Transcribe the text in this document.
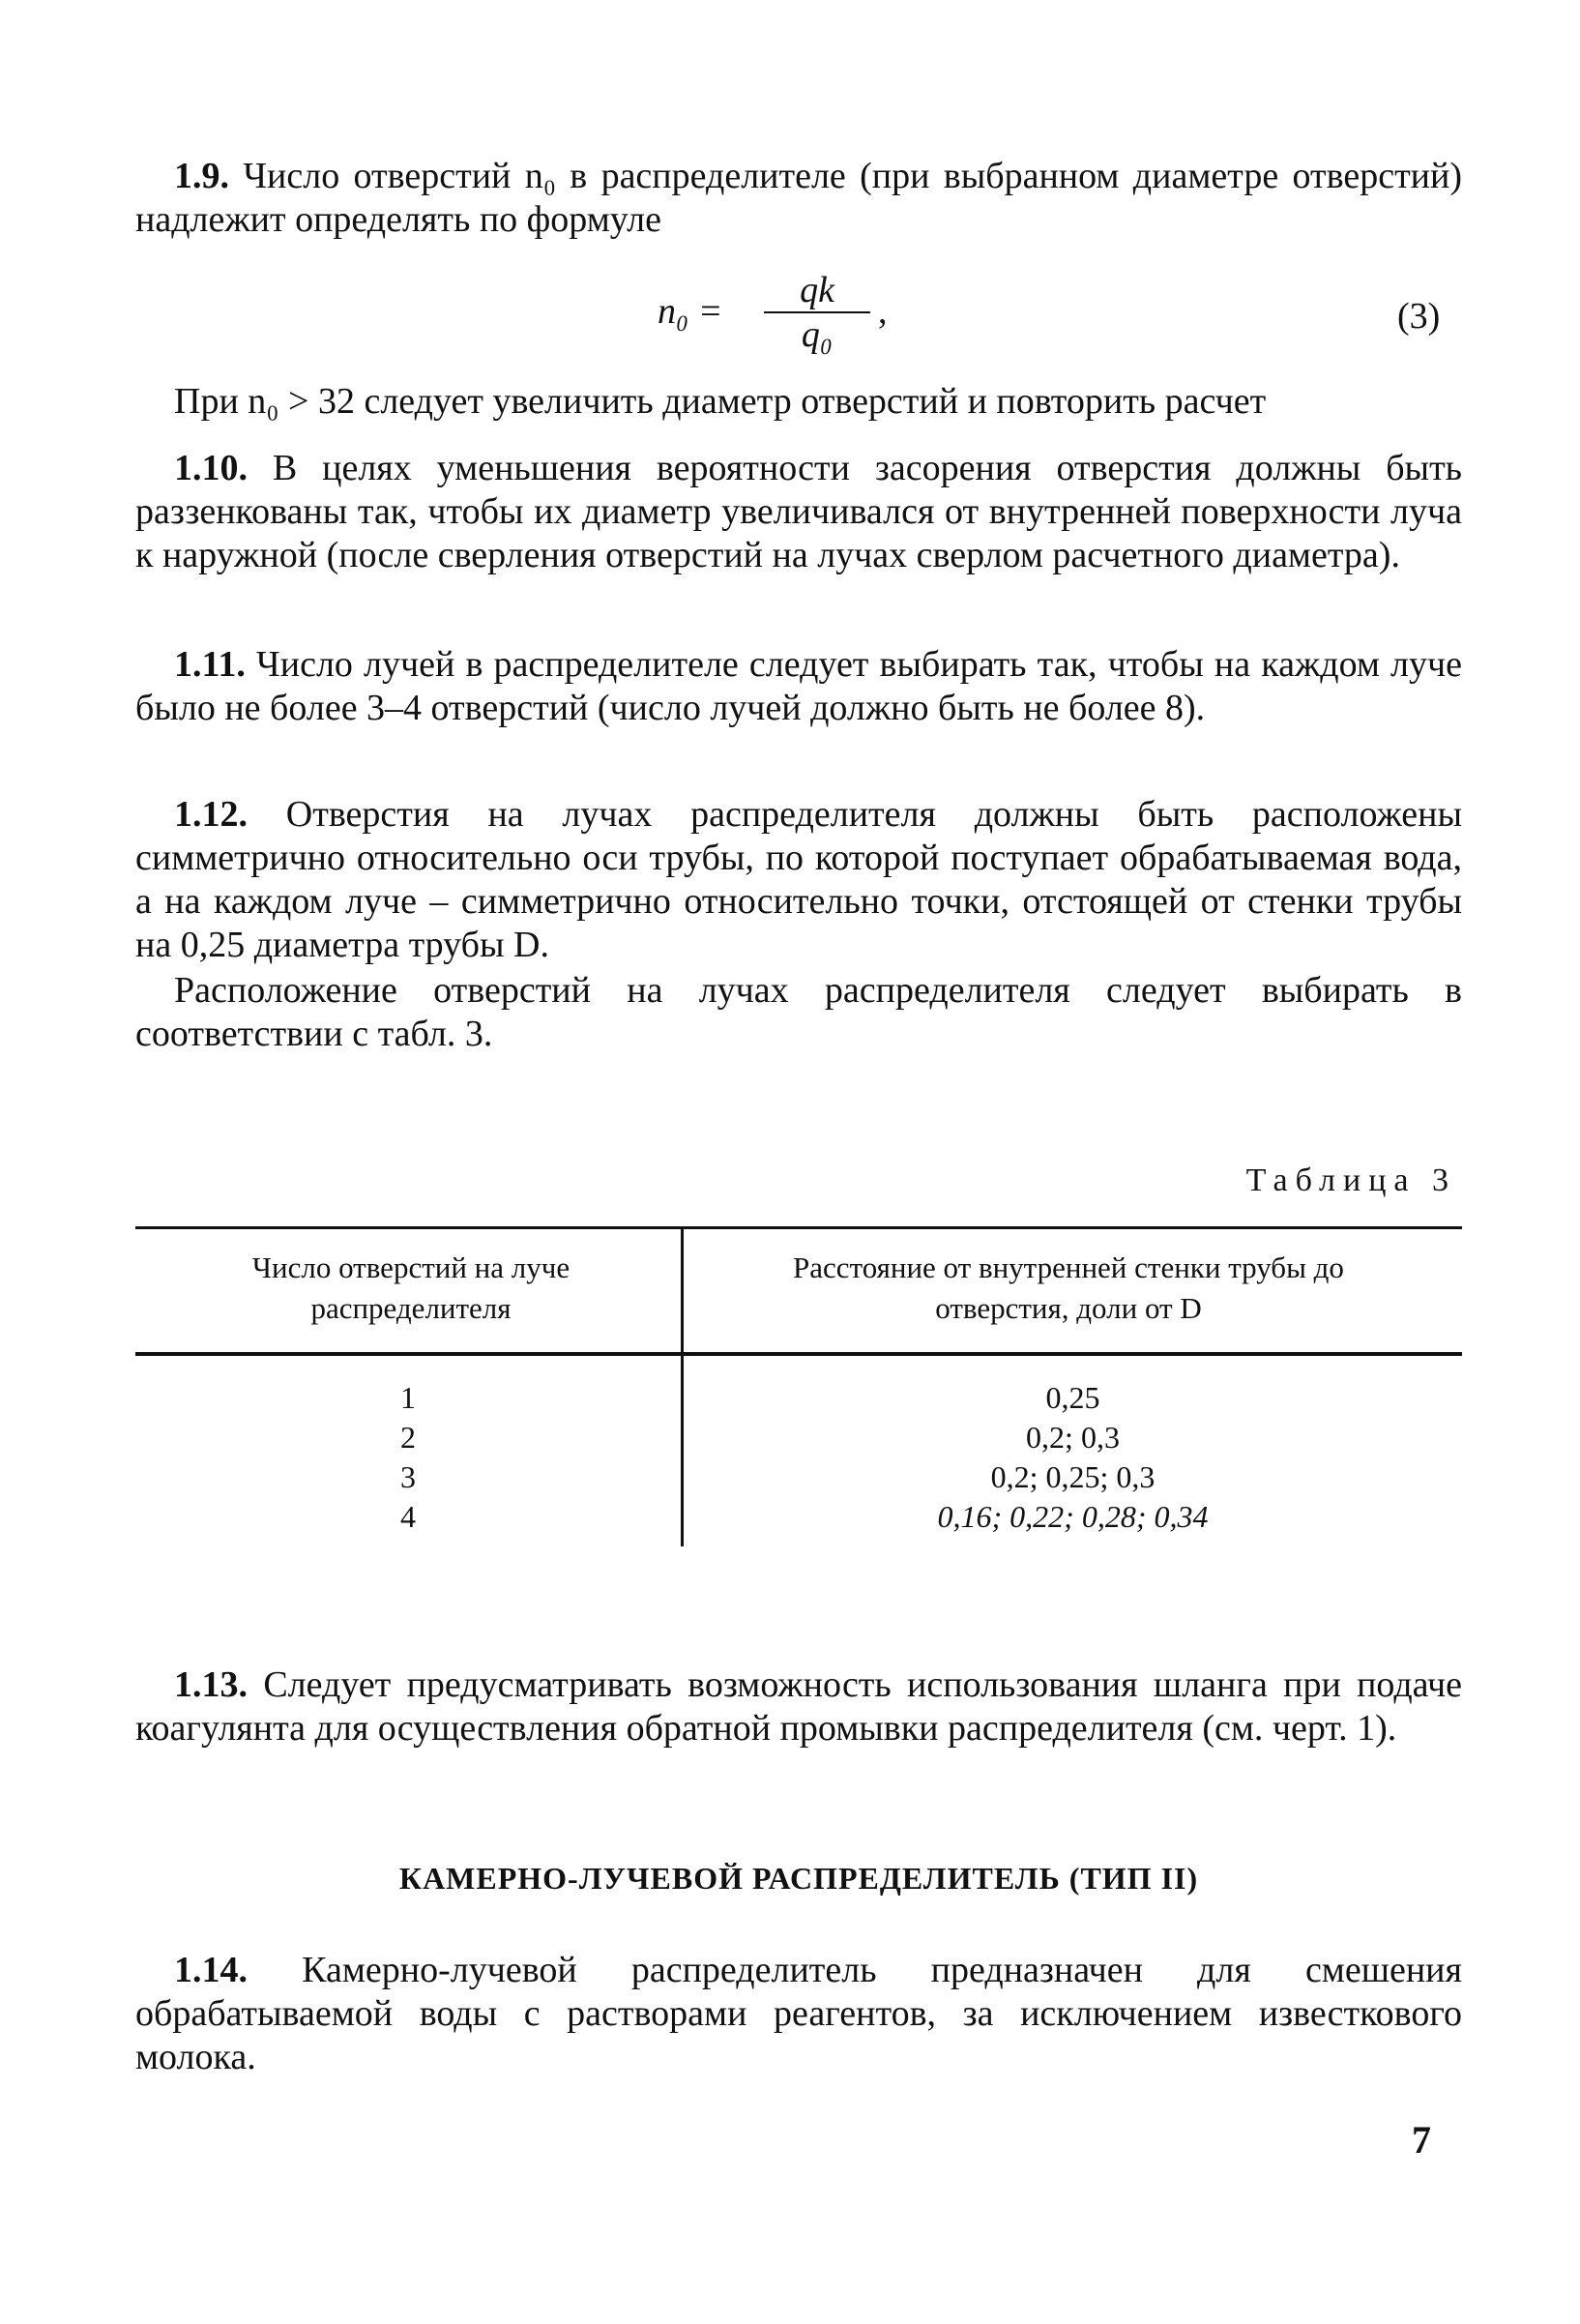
1.9. Число отверстий n₀ в распределителе (при выбранном диаметре отверстий) надлежит определять по формуле
n₀ =
qk
q₀
,	(3)
При n₀ > 32 следует увеличить диаметр отверстий и повторить расчет
1.10. В целях уменьшения вероятности засорения отверстия должны быть раззенкованы так, чтобы их диаметр увеличивался от внутренней поверхности луча к наружной (после сверления отверстий на лучах сверлом расчетного диаметра).
1.11. Число лучей в распределителе следует выбирать так, чтобы на каждом луче было не более 3–4 отверстий (число лучей должно быть не более 8).
1.12. Отверстия на лучах распределителя должны быть расположены симметрично относительно оси трубы, по которой поступает обрабатываемая вода, а на каждом луче – симметрично относительно точки, отстоящей от стенки трубы на 0,25 диаметра трубы D.
Расположение отверстий на лучах распределителя следует выбирать в соответствии с табл. 3.
Таблица 3
Число отверстий на луче распределителя
Расстояние от внутренней стенки трубы до отверстия, доли от D
1	0,25
2	0,2; 0,3
3	0,2; 0,25; 0,3
4	0,16; 0,22; 0,28; 0,34
1.13. Следует предусматривать возможность использования шланга при подаче коагулянта для осуществления обратной промывки распределителя (см. черт. 1).
КАМЕРНО-ЛУЧЕВОЙ РАСПРЕДЕЛИТЕЛЬ (ТИП II)
1.14. Камерно-лучевой распределитель предназначен для смешения обрабатываемой воды с растворами реагентов, за исключением известкового молока.
7
